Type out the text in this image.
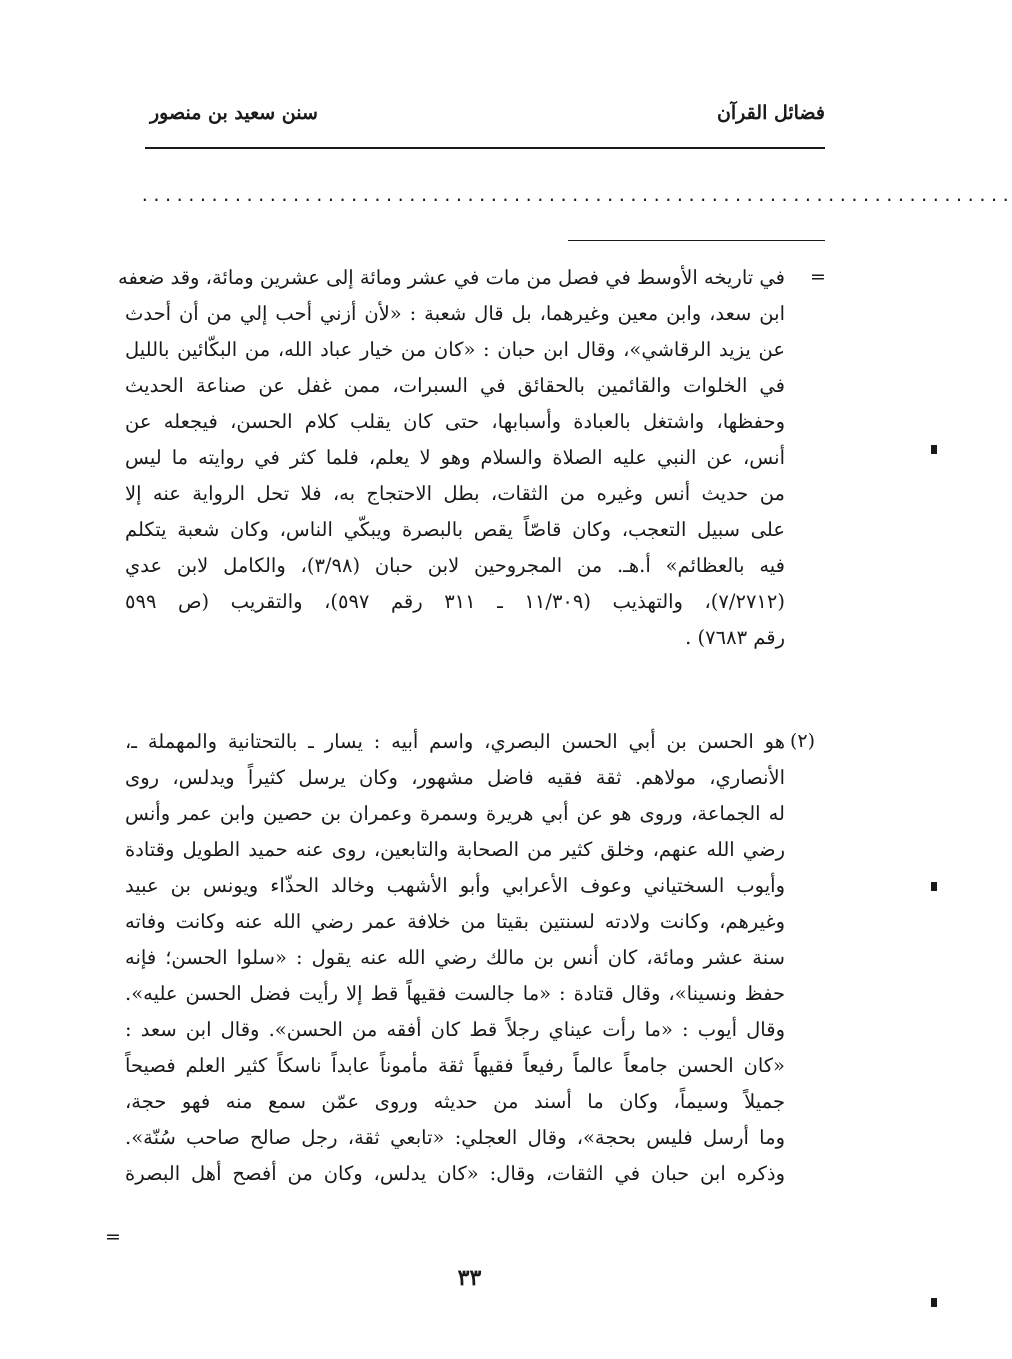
فضائل القرآن
سنن سعيد بن منصور
...........................................................................
=
في تاريخه الأوسط في فصل من مات في عشر ومائة إلى عشرين ومائة، وقد ضعفه
ابن سعد، وابن معين وغيرهما، بل قال شعبة : «لأن أزني أحب إلي من أن أحدث
عن يزيد الرقاشي»، وقال ابن حبان : «كان من خيار عباد الله، من البكّائين بالليل
في الخلوات والقائمين بالحقائق في السبرات، ممن غفل عن صناعة الحديث
وحفظها، واشتغل بالعبادة وأسبابها، حتى كان يقلب كلام الحسن، فيجعله عن
أنس، عن النبي عليه الصلاة والسلام وهو لا يعلم، فلما كثر في روايته ما ليس
من حديث أنس وغيره من الثقات، بطل الاحتجاج به، فلا تحل الرواية عنه إلا
على سبيل التعجب، وكان قاصّاً يقص بالبصرة ويبكّي الناس، وكان شعبة يتكلم
فيه بالعظائم» أ.هـ. من المجروحين لابن حبان (٣/٩٨)، والكامل لابن عدي
(٧/٢٧١٢)، والتهذيب (١١/٣٠٩ ـ ٣١١ رقم ٥٩٧)، والتقريب (ص ٥٩٩
رقم ٧٦٨٣) .
(٢)
هو الحسن بن أبي الحسن البصري، واسم أبيه : يسار ـ بالتحتانية والمهملة ـ،
الأنصاري، مولاهم. ثقة فقيه فاضل مشهور، وكان يرسل كثيراً ويدلس، روى
له الجماعة، وروى هو عن أبي هريرة وسمرة وعمران بن حصين وابن عمر وأنس
رضي الله عنهم، وخلق كثير من الصحابة والتابعين، روى عنه حميد الطويل وقتادة
وأيوب السختياني وعوف الأعرابي وأبو الأشهب وخالد الحذّاء ويونس بن عبيد
وغيرهم، وكانت ولادته لسنتين بقيتا من خلافة عمر رضي الله عنه وكانت وفاته
سنة عشر ومائة، كان أنس بن مالك رضي الله عنه يقول : «سلوا الحسن؛ فإنه
حفظ ونسينا»، وقال قتادة : «ما جالست فقيهاً قط إلا رأيت فضل الحسن عليه».
وقال أيوب : «ما رأت عيناي رجلاً قط كان أفقه من الحسن». وقال ابن سعد :
«كان الحسن جامعاً عالماً رفيعاً فقيهاً ثقة مأموناً عابداً ناسكاً كثير العلم فصيحاً
جميلاً وسيماً، وكان ما أسند من حديثه وروى عمّن سمع منه فهو حجة،
وما أرسل فليس بحجة»، وقال العجلي: «تابعي ثقة، رجل صالح صاحب سُنّة».
وذكره ابن حبان في الثقات، وقال: «كان يدلس، وكان من أفصح أهل البصرة
=
٣٣
